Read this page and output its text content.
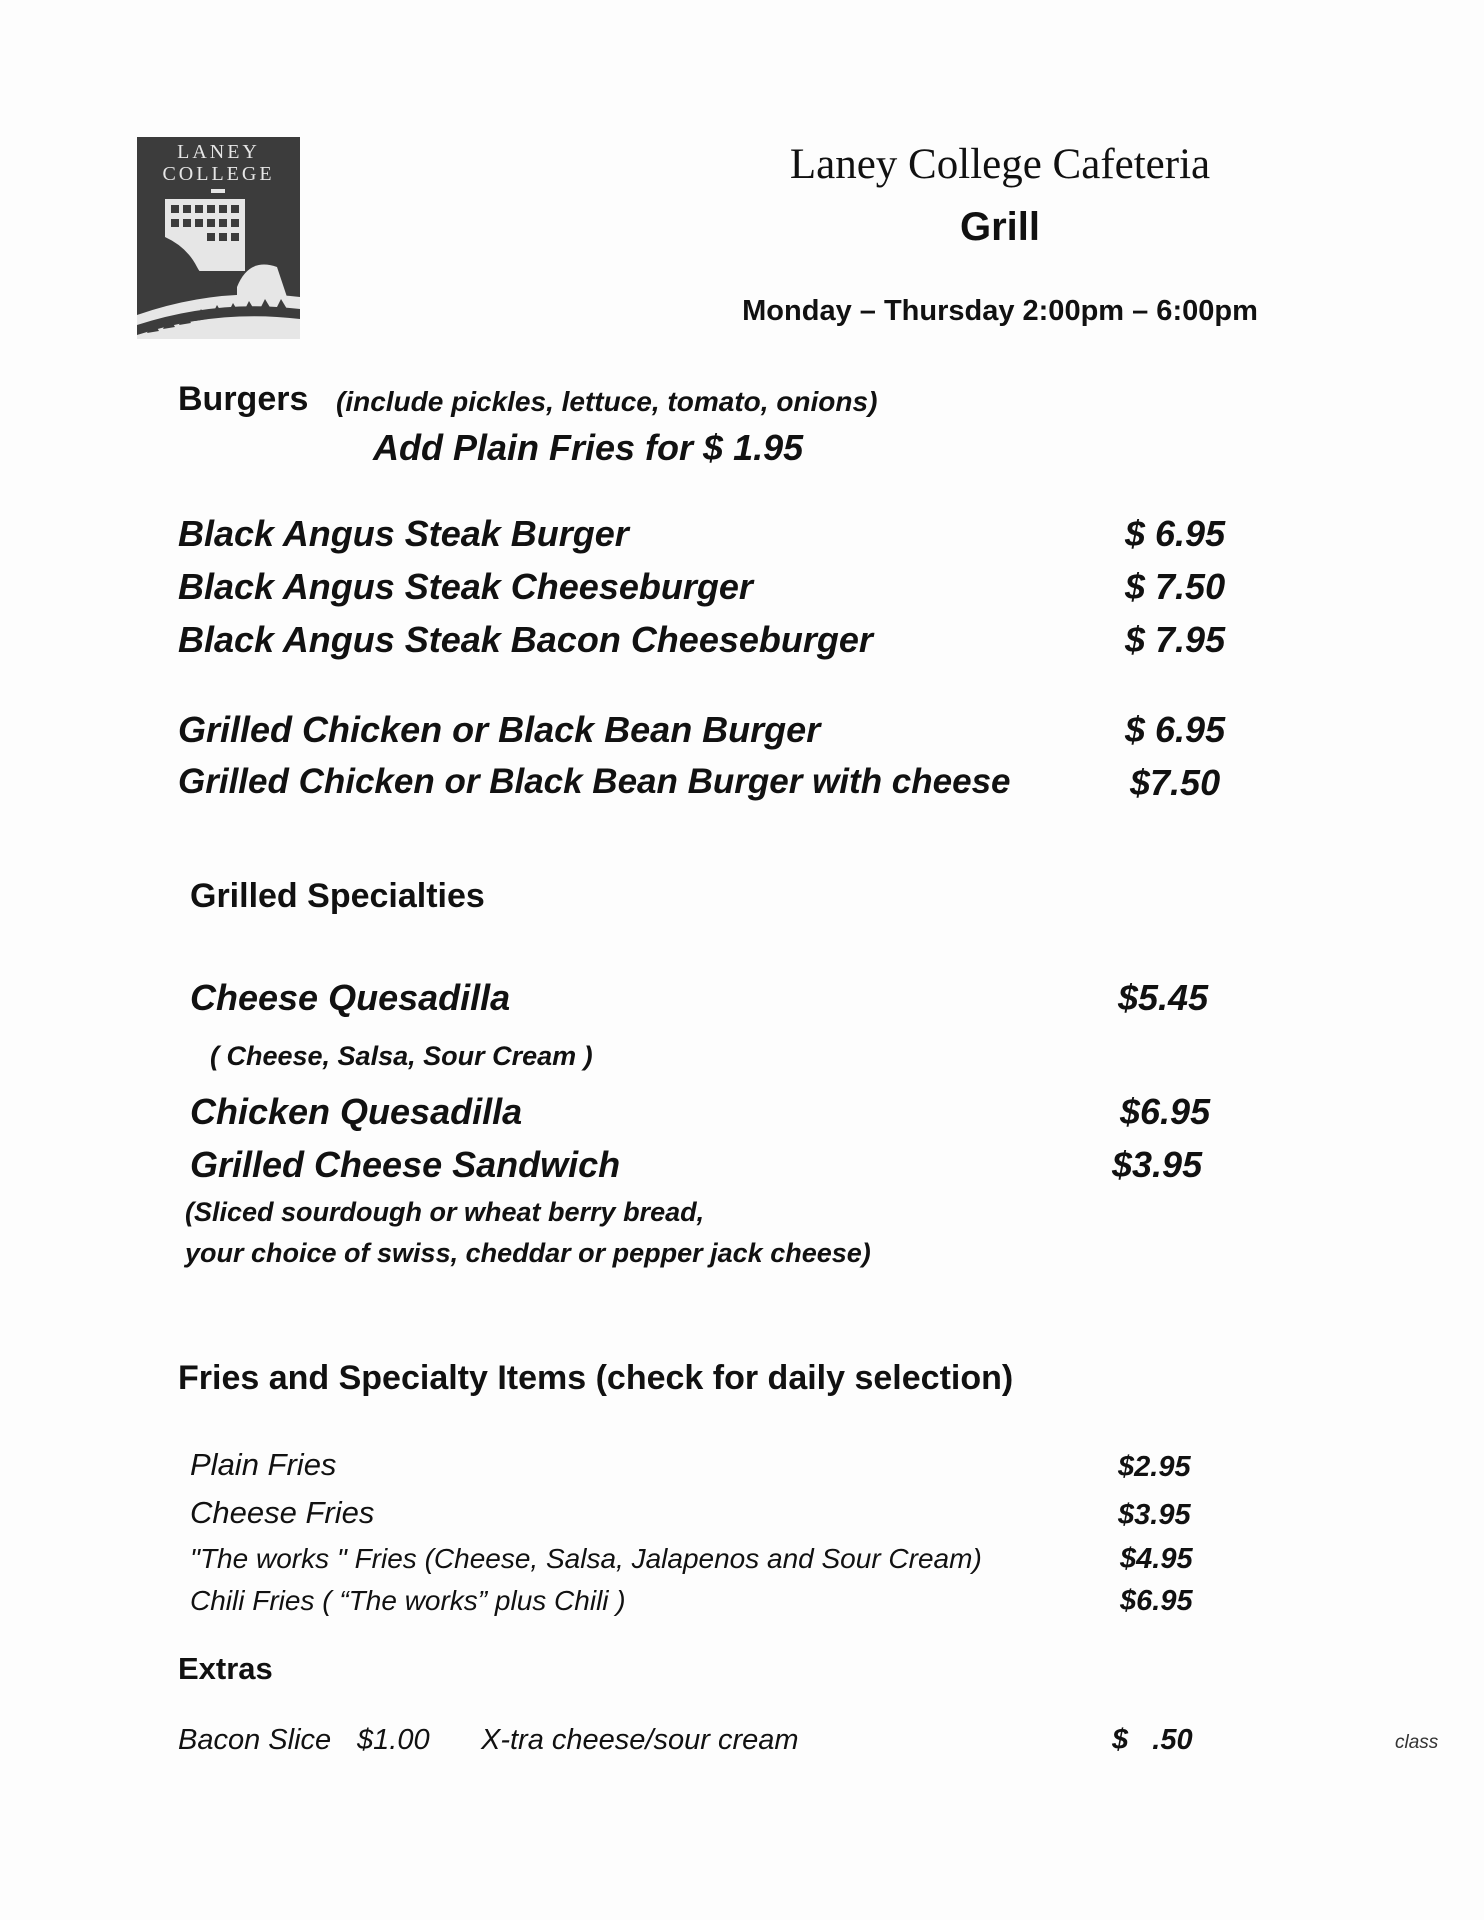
LANEY
COLLEGE	Laney College Cafeteria
Grill
Monday – Thursday 2:00pm – 6:00pm
Burgers (include pickles, lettuce, tomato, onions)
Add Plain Fries for $ 1.95
Black Angus Steak Burger	$ 6.95
Black Angus Steak Cheeseburger	$ 7.50
Black Angus Steak Bacon Cheeseburger	$ 7.95
Grilled Chicken or Black Bean Burger	$ 6.95
Grilled Chicken or Black Bean Burger with cheese	$7.50
Grilled Specialties
Cheese Quesadilla	$5.45
( Cheese, Salsa, Sour Cream )
Chicken Quesadilla	$6.95
Grilled Cheese Sandwich	$3.95
(Sliced sourdough or wheat berry bread,
your choice of swiss, cheddar or pepper jack cheese)
Fries and Specialty Items (check for daily selection)
Plain Fries	$2.95
Cheese Fries	$3.95
"The works " Fries (Cheese, Salsa, Jalapenos and Sour Cream)	$4.95
Chili Fries ( “The works” plus Chili )	$6.95
Extras
Bacon Slice $1.00 X-tra cheese/sour cream	$   .50	class
